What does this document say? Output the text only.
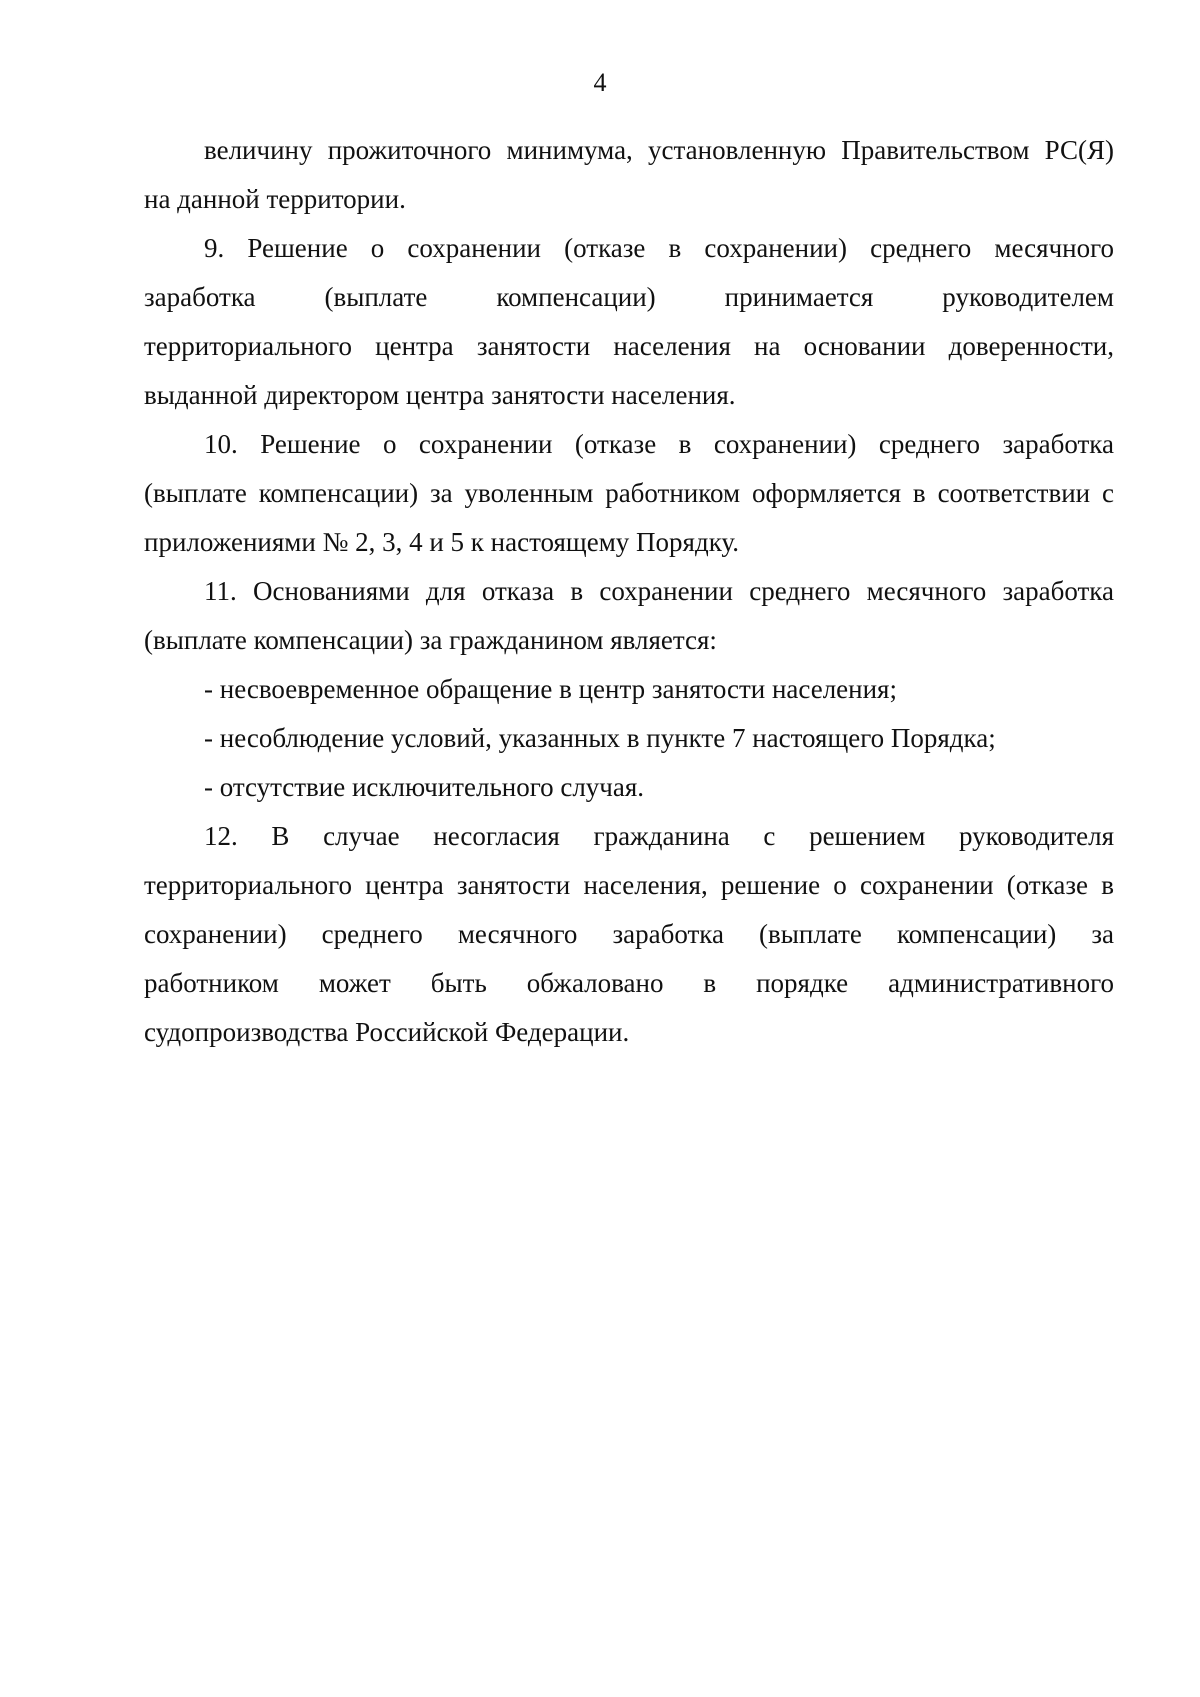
4
величину прожиточного минимума, установленную Правительством РС(Я)
на данной территории.
9. Решение о сохранении (отказе в сохранении) среднего месячного
заработка (выплате компенсации) принимается руководителем
территориального центра занятости населения на основании доверенности,
выданной директором центра занятости населения.
10. Решение о сохранении (отказе в сохранении) среднего заработка
(выплате компенсации) за уволенным работником оформляется в соответствии с
приложениями № 2, 3, 4 и 5 к настоящему Порядку.
11. Основаниями для отказа в сохранении среднего месячного заработка
(выплате компенсации) за гражданином является:
- несвоевременное обращение в центр занятости населения;
- несоблюдение условий, указанных в пункте 7 настоящего Порядка;
- отсутствие исключительного случая.
12. В случае несогласия гражданина с решением руководителя
территориального центра занятости населения, решение о сохранении (отказе в
сохранении) среднего месячного заработка (выплате компенсации) за
работником может быть обжаловано в порядке административного
судопроизводства Российской Федерации.
